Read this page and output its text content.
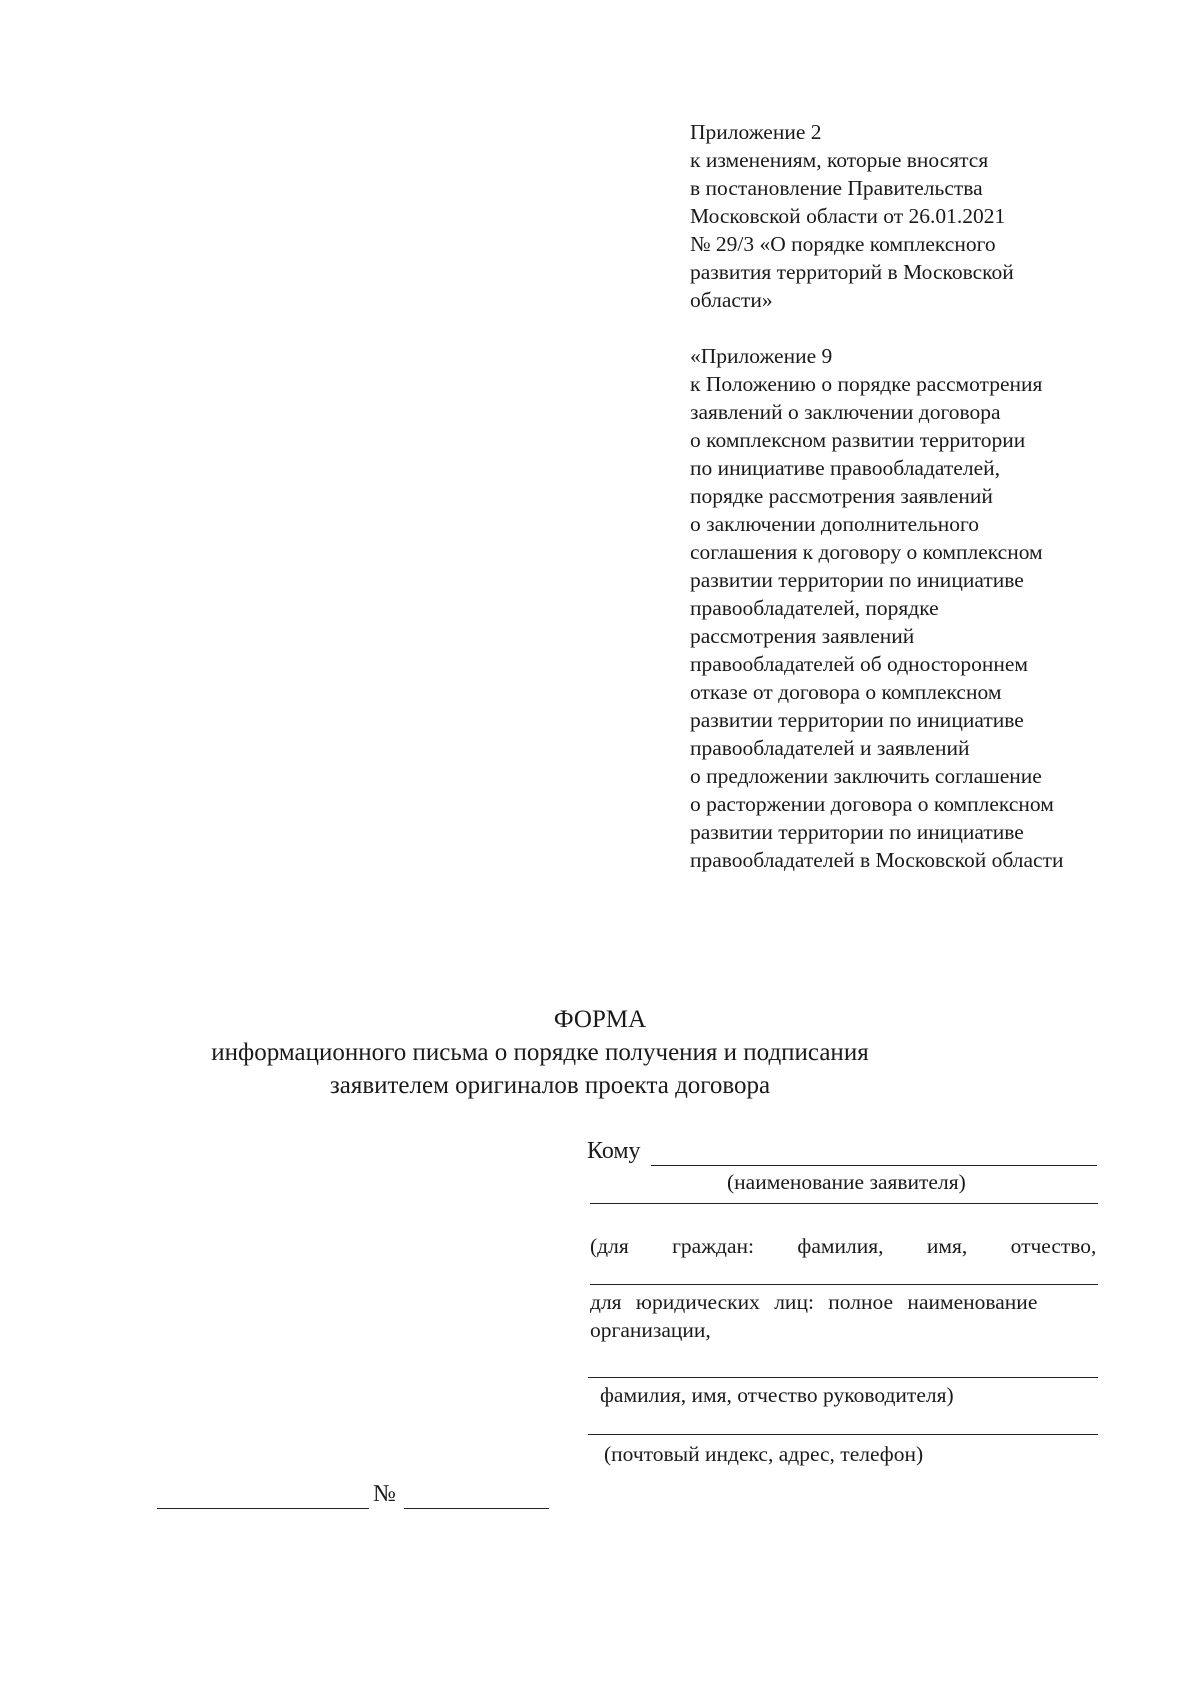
Приложение 2
к изменениям, которые вносятся
в постановление Правительства
Московской области от 26.01.2021
№ 29/3 «О порядке комплексного
развития территорий в Московской
области»
«Приложение 9
к Положению о порядке рассмотрения
заявлений о заключении договора
о комплексном развитии территории
по инициативе правообладателей,
порядке рассмотрения заявлений
о заключении дополнительного
соглашения к договору о комплексном
развитии территории по инициативе
правообладателей, порядке
рассмотрения заявлений
правообладателей об одностороннем
отказе от договора о комплексном
развитии территории по инициативе
правообладателей и заявлений
о предложении заключить соглашение
о расторжении договора о комплексном
развитии территории по инициативе
правообладателей в Московской области
ФОРМА
информационного письма о порядке получения и подписания
заявителем оригиналов проекта договора
Кому
(наименование заявителя)
(для граждан: фамилия, имя, отчество,
для юридических лиц: полное наименование
организации,
фамилия, имя, отчество руководителя)
(почтовый индекс, адрес, телефон)
№
